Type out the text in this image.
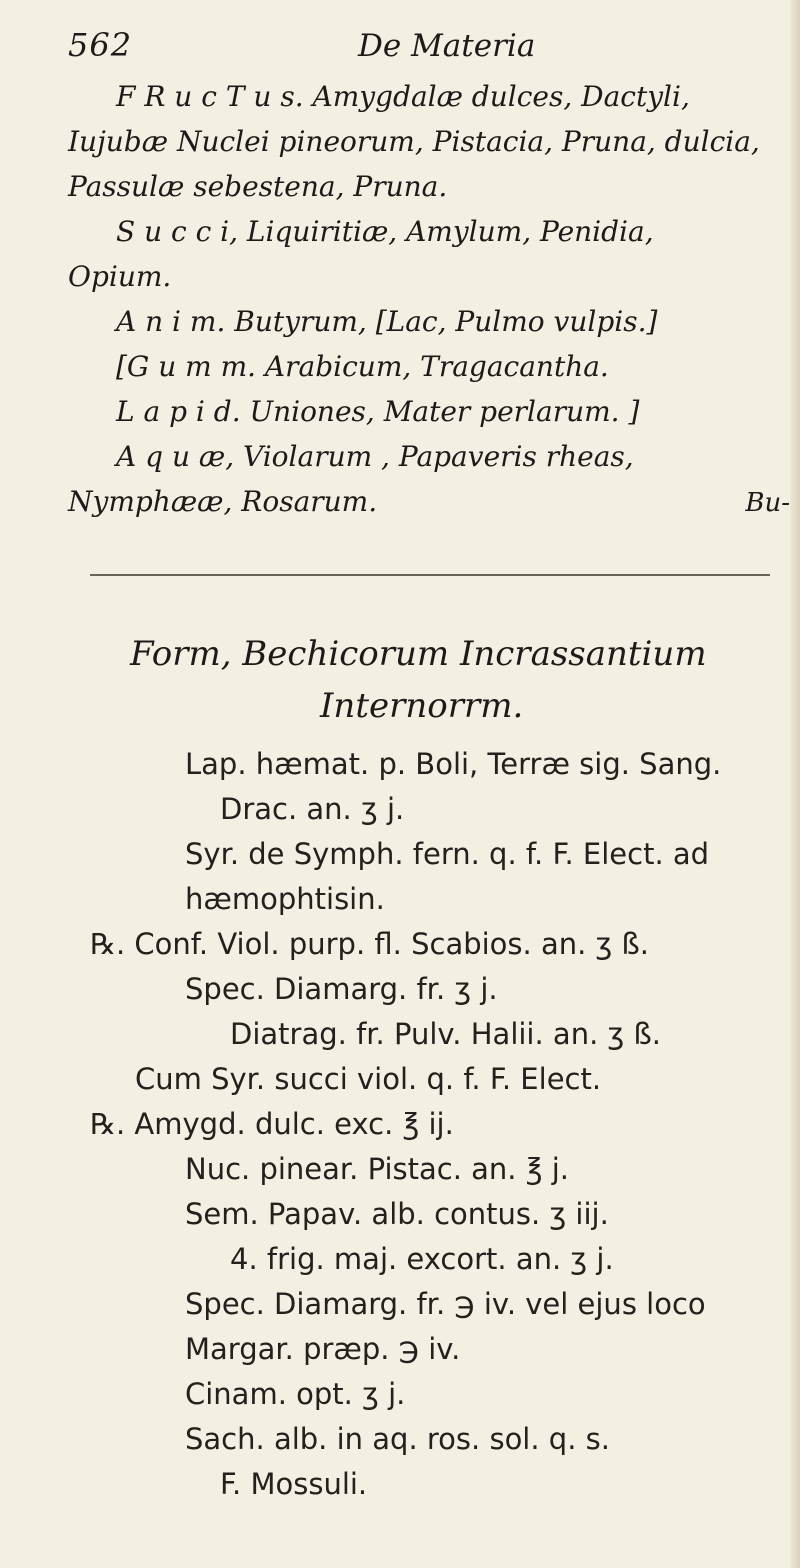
562	De Materia
F R u c T u s. Amygdalæ dulces, Dactyli,
Iujubæ Nuclei pineorum, Pistacia, Pruna, dulcia,
Passulæ sebestena, Pruna.
S u c c i, Liquiritiæ, Amylum, Penidia,
Opium.
A n i m. Butyrum, [Lac, Pulmo vulpis.]
[G u m m. Arabicum, Tragacantha.
L a p i d. Uniones, Mater perlarum. ]
A q u æ, Violarum , Papaveris rheas,
Nymphææ, Rosarum.	Bu-
Form, Bechicorum Incrassantium
Internorrm.
Lap. hæmat. p. Boli, Terræ sig. Sang.
Drac. an. ʒ j.
Syr. de Symph. fern. q. f. F. Elect. ad
hæmophtisin.
℞. Conf. Viol. purp. fl. Scabios. an. ʒ ß.
Spec. Diamarg. fr. ʒ j.
Diatrag. fr. Pulv. Halii. an. ʒ ß.
Cum Syr. succi viol. q. f. F. Elect.
℞. Amygd. dulc. exc. ℥ ij.
Nuc. pinear. Pistac. an. ℥ j.
Sem. Papav. alb. contus. ʒ iij.
4. frig. maj. excort. an. ʒ j.
Spec. Diamarg. fr. ℈ iv. vel ejus loco
Margar. præp. ℈ iv.
Cinam. opt. ʒ j.
Sach. alb. in aq. ros. sol. q. s.
F. Mossuli.
